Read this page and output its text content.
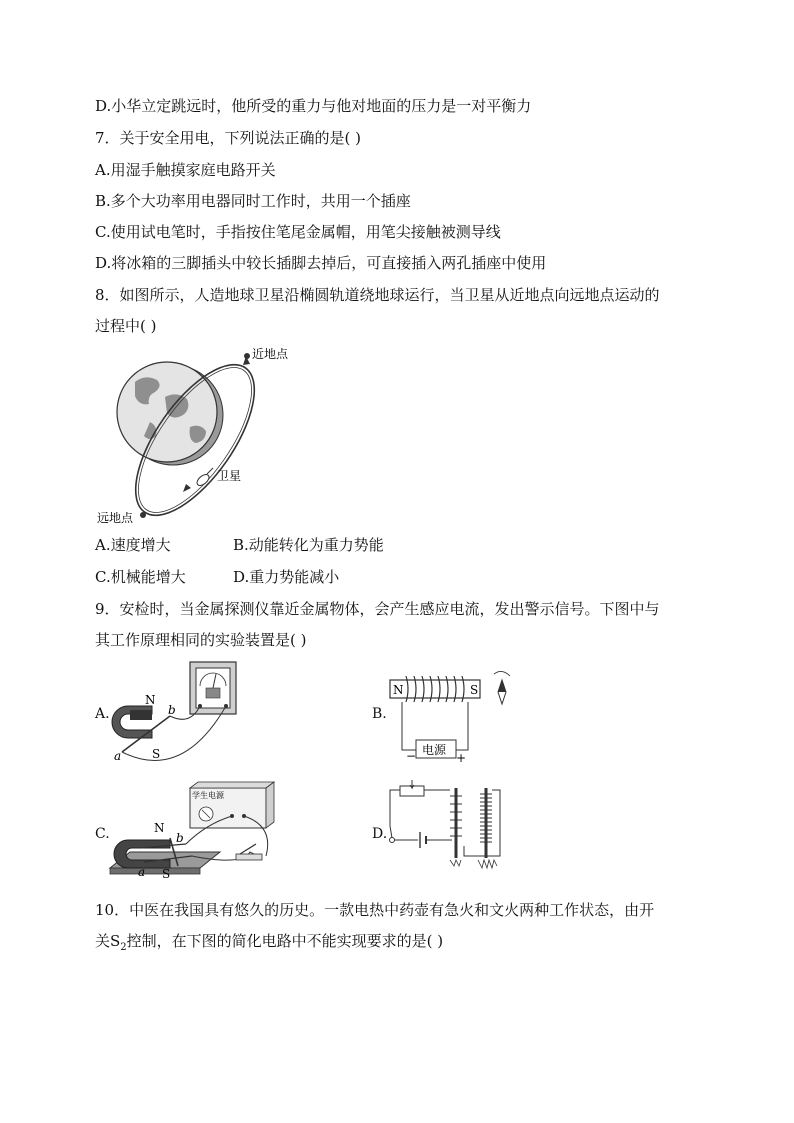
D.小华立定跳远时，他所受的重力与他对地面的压力是一对平衡力
7．关于安全用电，下列说法正确的是( )
A.用湿手触摸家庭电路开关
B.多个大功率用电器同时工作时，共用一个插座
C.使用试电笔时，手指按住笔尾金属帽，用笔尖接触被测导线
D.将冰箱的三脚插头中较长插脚去掉后，可直接插入两孔插座中使用
8．如图所示，人造地球卫星沿椭圆轨道绕地球运行，当卫星从近地点向远地点运动的
过程中( )
近地点
卫星
远地点
A.速度增大	B.动能转化为重力势能
C.机械能增大	D.重力势能减小
9．安检时，当金属探测仪靠近金属物体，会产生感应电流，发出警示信号。下图中与
其工作原理相同的实验装置是( )
A.	B.
C.	D.
N
S
a
b
N	S
电源
−	+
学生电源
N
S
a
b
10．中医在我国具有悠久的历史。一款电热中药壶有急火和文火两种工作状态，由开
关$S_2$控制，在下图的简化电路中不能实现要求的是( )
